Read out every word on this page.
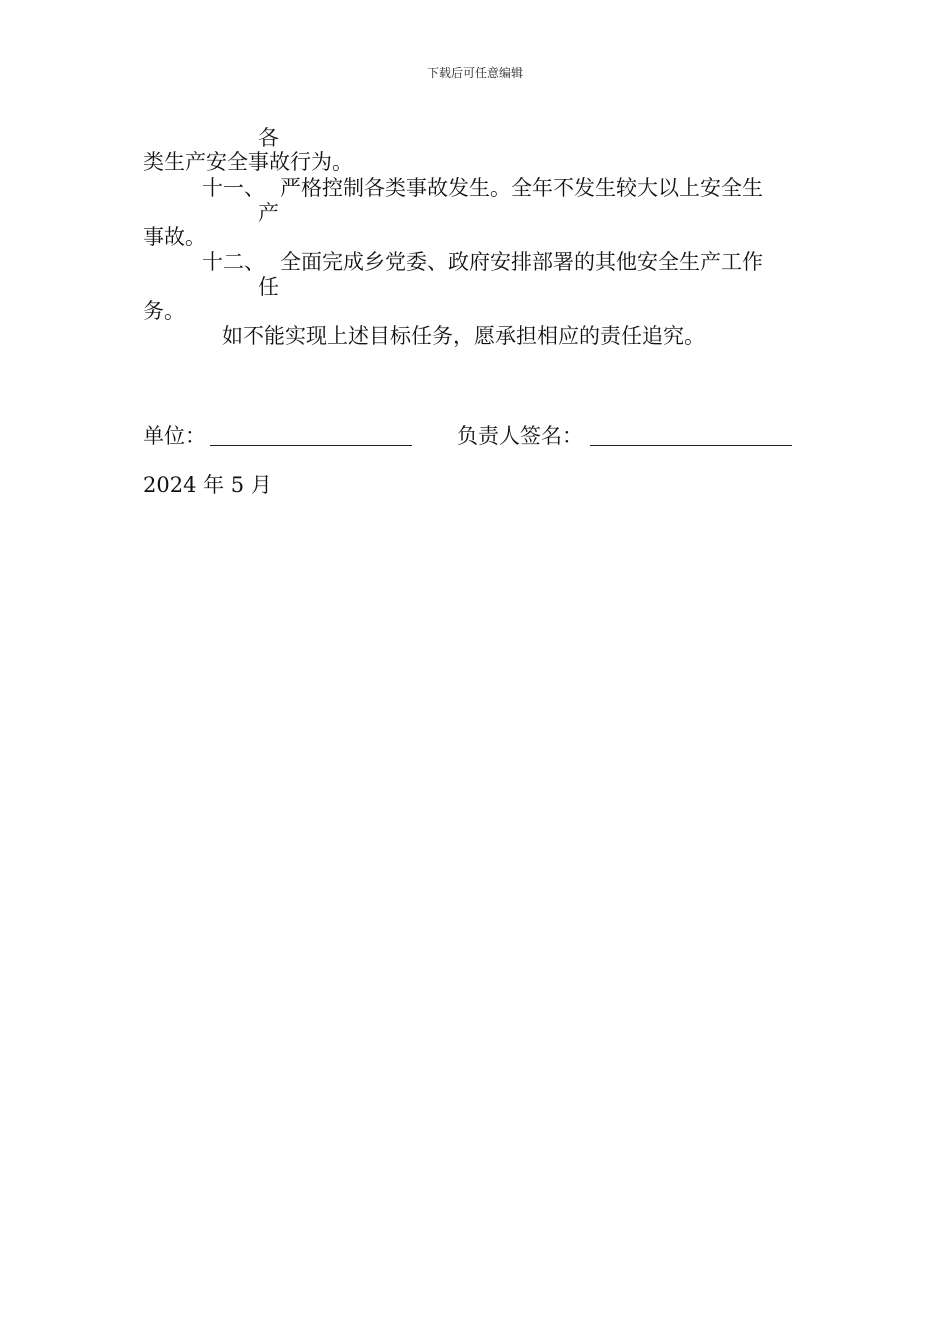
下载后可任意编辑
各
类生产安全事故行为。
十一、 严格控制各类事故发生。全年不发生较大以上安全生
产
事故。
十二、 全面完成乡党委、政府安排部署的其他安全生产工作
任
务。
如不能实现上述目标任务，愿承担相应的责任追究。
单位：	负责人签名：
2024 年 5 月
